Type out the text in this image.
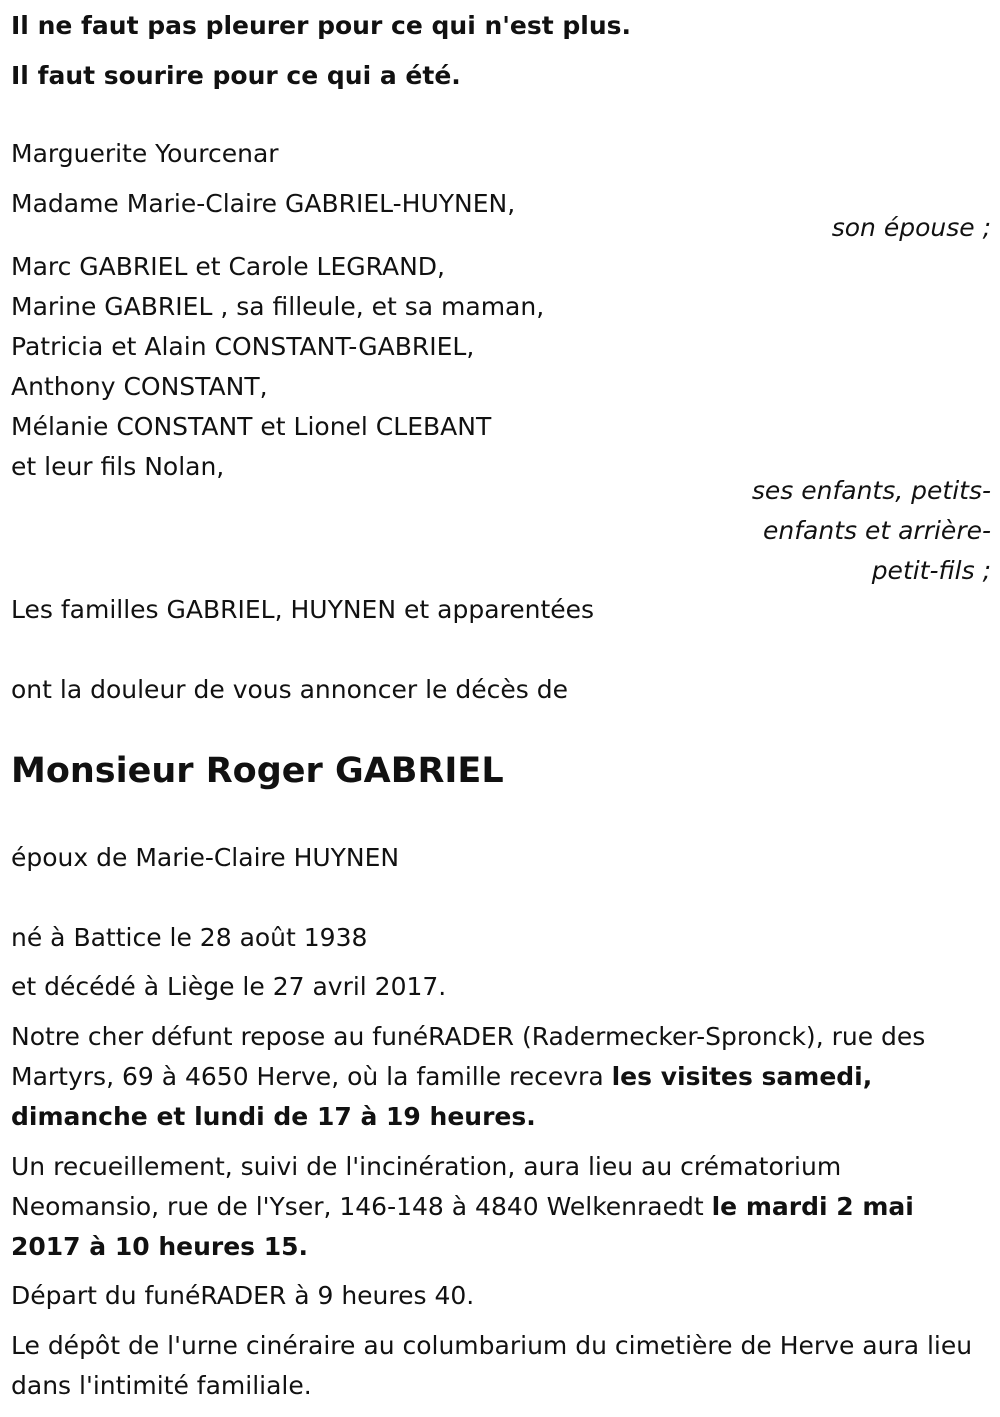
Il ne faut pas pleurer pour ce qui n'est plus.

Il faut sourire pour ce qui a été.

Marguerite Yourcenar

Madame Marie-Claire GABRIEL-HUYNEN,

son épouse ;
Marc GABRIEL et Carole LEGRAND,
Marine GABRIEL , sa filleule, et sa maman,
Patricia et Alain CONSTANT-GABRIEL,
Anthony CONSTANT,
Mélanie CONSTANT et Lionel CLEBANT
et leur fils Nolan,
ses enfants, petits-
enfants et arrière-
petit-fils ;

Les familles GABRIEL, HUYNEN et apparentées

ont la douleur de vous annoncer le décès de

Monsieur Roger GABRIEL

époux de Marie-Claire HUYNEN

né à Battice le 28 août 1938

et décédé à Liège le 27 avril 2017.

Notre cher défunt repose au funéRADER (Radermecker-Spronck), rue des Martyrs, 69 à 4650 Herve, où la famille recevra les visites samedi, dimanche et lundi de 17 à 19 heures.

Un recueillement, suivi de l'incinération, aura lieu au crématorium Neomansio, rue de l'Yser, 146-148 à 4840 Welkenraedt le mardi 2 mai 2017 à 10 heures 15.

Départ du funéRADER à 9 heures 40.

Le dépôt de l'urne cinéraire au columbarium du cimetière de Herve aura lieu dans l'intimité familiale.
